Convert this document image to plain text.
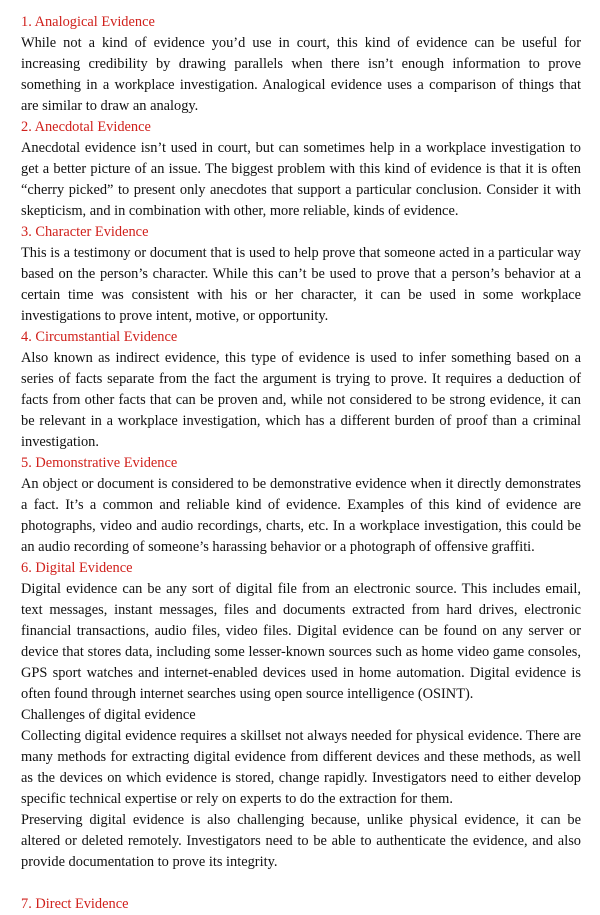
1. Analogical Evidence
While not a kind of evidence you’d use in court, this kind of evidence can be useful for increasing credibility by drawing parallels when there isn’t enough information to prove something in a workplace investigation. Analogical evidence uses a comparison of things that are similar to draw an analogy.
2. Anecdotal Evidence
Anecdotal evidence isn’t used in court, but can sometimes help in a workplace investigation to get a better picture of an issue. The biggest problem with this kind of evidence is that it is often “cherry picked” to present only anecdotes that support a particular conclusion. Consider it with skepticism, and in combination with other, more reliable, kinds of evidence.
3. Character Evidence
This is a testimony or document that is used to help prove that someone acted in a particular way based on the person’s character. While this can’t be used to prove that a person’s behavior at a certain time was consistent with his or her character, it can be used in some workplace investigations to prove intent, motive, or opportunity.
4. Circumstantial Evidence
Also known as indirect evidence, this type of evidence is used to infer something based on a series of facts separate from the fact the argument is trying to prove. It requires a deduction of facts from other facts that can be proven and, while not considered to be strong evidence, it can be relevant in a workplace investigation, which has a different burden of proof than a criminal investigation.
5. Demonstrative Evidence
An object or document is considered to be demonstrative evidence when it directly demonstrates a fact. It’s a common and reliable kind of evidence. Examples of this kind of evidence are photographs, video and audio recordings, charts, etc. In a workplace investigation, this could be an audio recording of someone’s harassing behavior or a photograph of offensive graffiti.
6. Digital Evidence
Digital evidence can be any sort of digital file from an electronic source. This includes email, text messages, instant messages, files and documents extracted from hard drives, electronic financial transactions, audio files, video files. Digital evidence can be found on any server or device that stores data, including some lesser-known sources such as home video game consoles, GPS sport watches and internet-enabled devices used in home automation. Digital evidence is often found through internet searches using open source intelligence (OSINT).
Challenges of digital evidence
Collecting digital evidence requires a skillset not always needed for physical evidence. There are many methods for extracting digital evidence from different devices and these methods, as well as the devices on which evidence is stored, change rapidly. Investigators need to either develop specific technical expertise or rely on experts to do the extraction for them.
Preserving digital evidence is also challenging because, unlike physical evidence, it can be altered or deleted remotely. Investigators need to be able to authenticate the evidence, and also provide documentation to prove its integrity.
7. Direct Evidence
